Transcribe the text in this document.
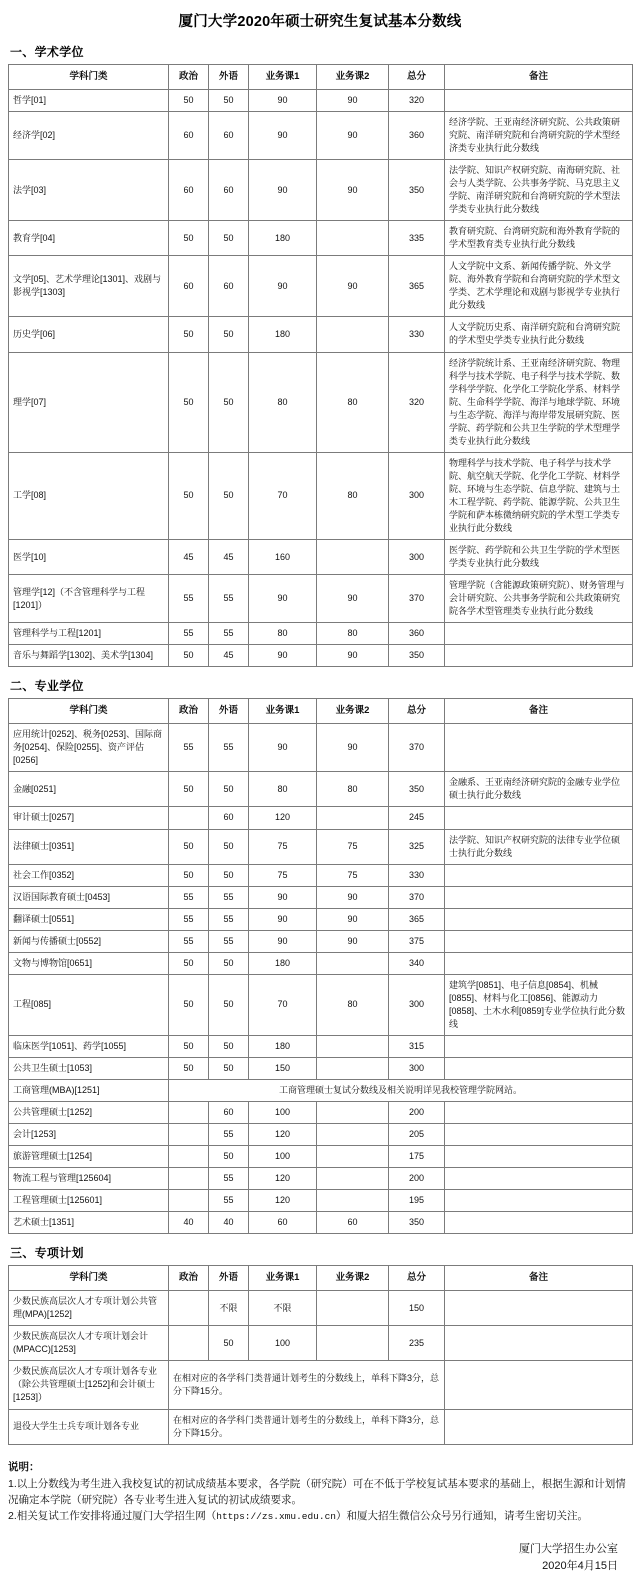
厦门大学2020年硕士研究生复试基本分数线
一、学术学位
学科门类	政治	外语	业务课1	业务课2	总分	备注
哲学[01]	50	50	90	90	320	
经济学[02]	60	60	90	90	360	经济学院、王亚南经济研究院、公共政策研究院、南洋研究院和台湾研究院的学术型经济类专业执行此分数线
法学[03]	60	60	90	90	350	法学院、知识产权研究院、南海研究院、社会与人类学院、公共事务学院、马克思主义学院、南洋研究院和台湾研究院的学术型法学类专业执行此分数线
教育学[04]	50	50	180		335	教育研究院、台湾研究院和海外教育学院的学术型教育类专业执行此分数线
文学[05]、艺术学理论[1301]、戏剧与影视学[1303]	60	60	90	90	365	人文学院中文系、新闻传播学院、外文学院、海外教育学院和台湾研究院的学术型文学类、艺术学理论和戏剧与影视学专业执行此分数线
历史学[06]	50	50	180		330	人文学院历史系、南洋研究院和台湾研究院的学术型史学类专业执行此分数线
理学[07]	50	50	80	80	320	经济学院统计系、王亚南经济研究院、物理科学与技术学院、电子科学与技术学院、数学科学学院、化学化工学院化学系、材料学院、生命科学学院、海洋与地球学院、环境与生态学院、海洋与海岸带发展研究院、医学院、药学院和公共卫生学院的学术型理学类专业执行此分数线
工学[08]	50	50	70	80	300	物理科学与技术学院、电子科学与技术学院、航空航天学院、化学化工学院、材料学院、环境与生态学院、信息学院、建筑与土木工程学院、药学院、能源学院、公共卫生学院和萨本栋微纳研究院的学术型工学类专业执行此分数线
医学[10]	45	45	160		300	医学院、药学院和公共卫生学院的学术型医学类专业执行此分数线
管理学[12]（不含管理科学与工程[1201]）	55	55	90	90	370	管理学院（含能源政策研究院）、财务管理与会计研究院、公共事务学院和公共政策研究院各学术型管理类专业执行此分数线
管理科学与工程[1201]	55	55	80	80	360	
音乐与舞蹈学[1302]、美术学[1304]	50	45	90	90	350	
二、专业学位
学科门类	政治	外语	业务课1	业务课2	总分	备注
应用统计[0252]、税务[0253]、国际商务[0254]、保险[0255]、资产评估[0256]	55	55	90	90	370	
金融[0251]	50	50	80	80	350	金融系、王亚南经济研究院的金融专业学位硕士执行此分数线
审计硕士[0257]		60	120		245	
法律硕士[0351]	50	50	75	75	325	法学院、知识产权研究院的法律专业学位硕士执行此分数线
社会工作[0352]	50	50	75	75	330	
汉语国际教育硕士[0453]	55	55	90	90	370	
翻译硕士[0551]	55	55	90	90	365	
新闻与传播硕士[0552]	55	55	90	90	375	
文物与博物馆[0651]	50	50	180		340	
工程[085]	50	50	70	80	300	建筑学[0851]、电子信息[0854]、机械[0855]、材料与化工[0856]、能源动力[0858]、土木水利[0859]专业学位执行此分数线
临床医学[1051]、药学[1055]	50	50	180		315	
公共卫生硕士[1053]	50	50	150		300	
工商管理(MBA)[1251]	工商管理硕士复试分数线及相关说明详见我校管理学院网站。					
公共管理硕士[1252]		60	100		200	
会计[1253]		55	120		205	
旅游管理硕士[1254]		50	100		175	
物流工程与管理[125604]		55	120		200	
工程管理硕士[125601]		55	120		195	
艺术硕士[1351]	40	40	60	60	350	
三、专项计划
学科门类	政治	外语	业务课1	业务课2	总分	备注
少数民族高层次人才专项计划公共管理(MPA)[1252]		不限	不限		150	
少数民族高层次人才专项计划会计(MPACC)[1253]		50	100		235	
少数民族高层次人才专项计划各专业（除公共管理硕士[1252]和会计硕士[1253]）	在相对应的各学科门类普通计划考生的分数线上，单科下降3分，总分下降15分。					
退役大学生士兵专项计划各专业	在相对应的各学科门类普通计划考生的分数线上，单科下降3分，总分下降15分。					
说明：
1.以上分数线为考生进入我校复试的初试成绩基本要求，各学院（研究院）可在不低于学校复试基本要求的基础上，根据生源和计划情况确定本学院（研究院）各专业考生进入复试的初试成绩要求。
2.相关复试工作安排将通过厦门大学招生网（https://zs.xmu.edu.cn）和厦大招生微信公众号另行通知，请考生密切关注。
厦门大学招生办公室
2020年4月15日
